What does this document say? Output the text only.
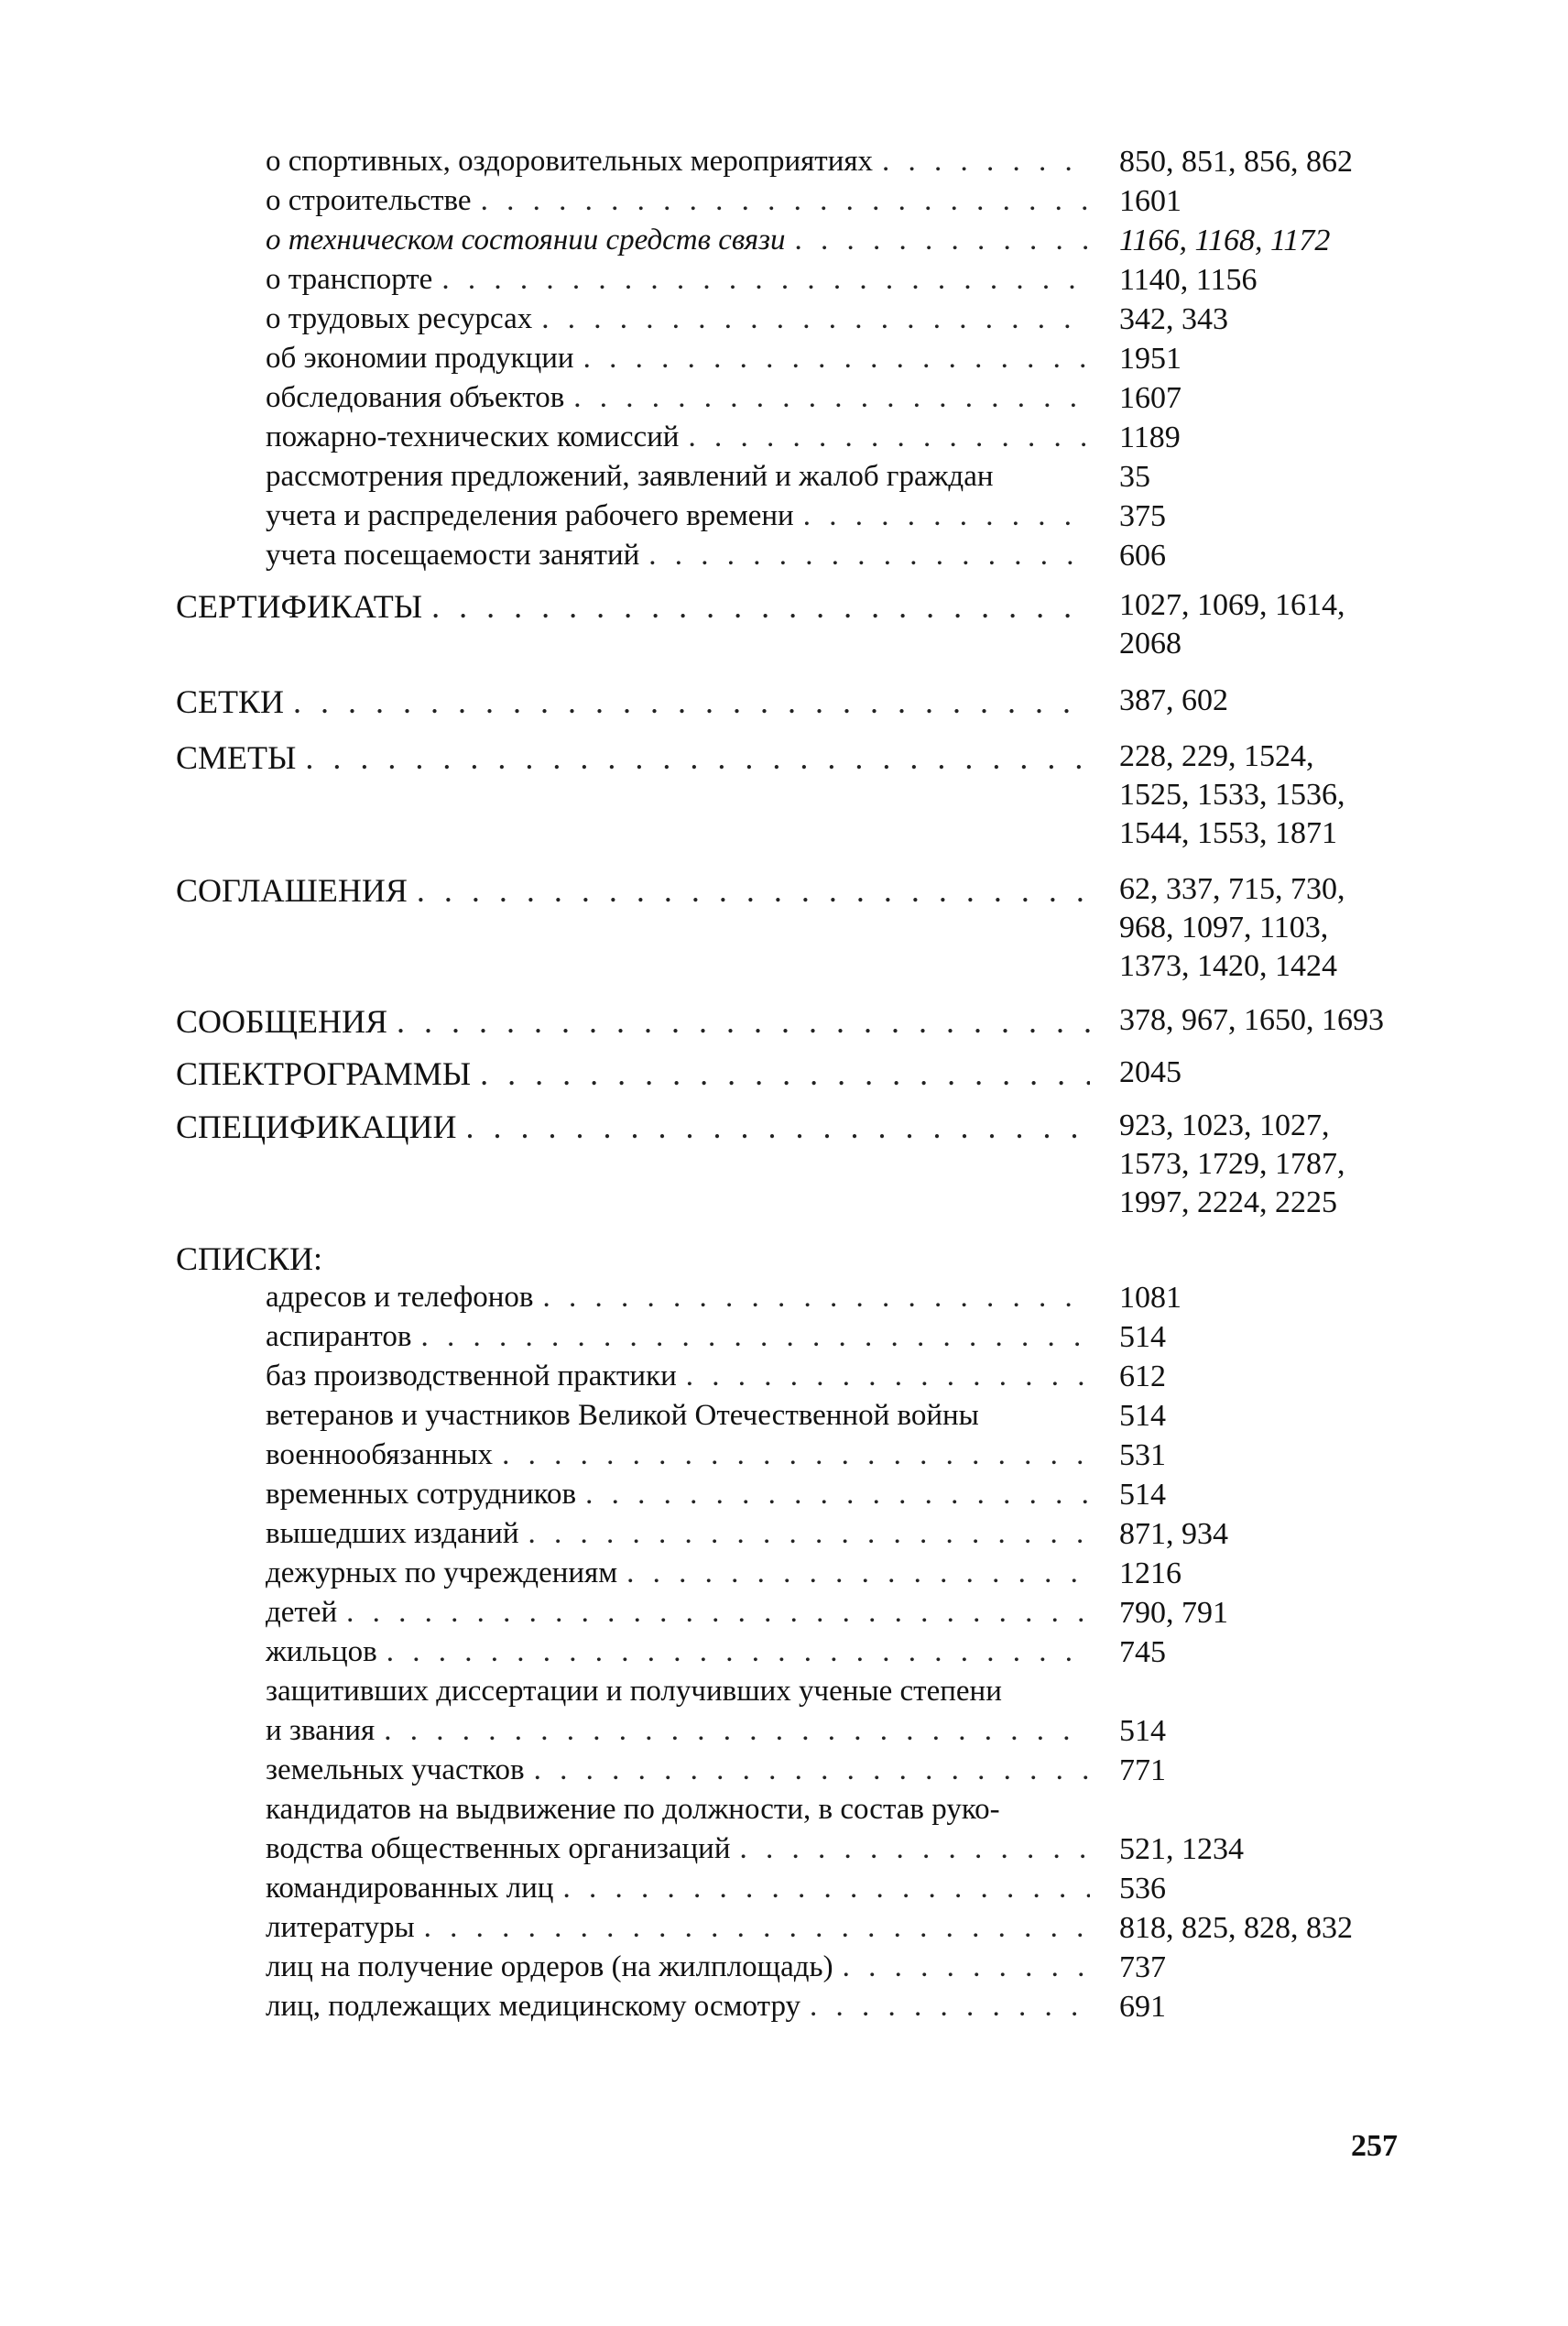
о спортивных, оздоровительных мероприятиях . . .	850, 851, 856, 862
о строительстве . . .	1601
о техническом состоянии средств связи . . .	1166, 1168, 1172
о транспорте . . .	1140, 1156
о трудовых ресурсах . . .	342, 343
об экономии продукции . . .	1951
обследования объектов . . .	1607
пожарно-технических комиссий . . .	1189
рассмотрения предложений, заявлений и жалоб граждан	35
учета и распределения рабочего времени . . .	375
учета посещаемости занятий . . .	606
СЕРТИФИКАТЫ . . .	1027, 1069, 1614,
2068
СЕТКИ . . .	387, 602
СМЕТЫ . . .	228, 229, 1524,
1525, 1533, 1536,
1544, 1553, 1871
СОГЛАШЕНИЯ . . .	62, 337, 715, 730,
968, 1097, 1103,
1373, 1420, 1424
СООБЩЕНИЯ . . .	378, 967, 1650, 1693
СПЕКТРОГРАММЫ . . .	2045
СПЕЦИФИКАЦИИ . . .	923, 1023, 1027,
1573, 1729, 1787,
1997, 2224, 2225
СПИСКИ:
адресов и телефонов . . .	1081
аспирантов . . .	514
баз производственной практики . . .	612
ветеранов и участников Великой Отечественной войны	514
военнообязанных . . .	531
временных сотрудников . . .	514
вышедших изданий . . .	871, 934
дежурных по учреждениям . . .	1216
детей . . .	790, 791
жильцов . . .	745
защитивших диссертации и получивших ученые степени
и звания . . .	514
земельных участков . . .	771
кандидатов на выдвижение по должности, в состав руко-
водства общественных организаций . . .	521, 1234
командированных лиц . . .	536
литературы . . .	818, 825, 828, 832
лиц на получение ордеров (на жилплощадь) . . .	737
лиц, подлежащих медицинскому осмотру . . .	691
257
